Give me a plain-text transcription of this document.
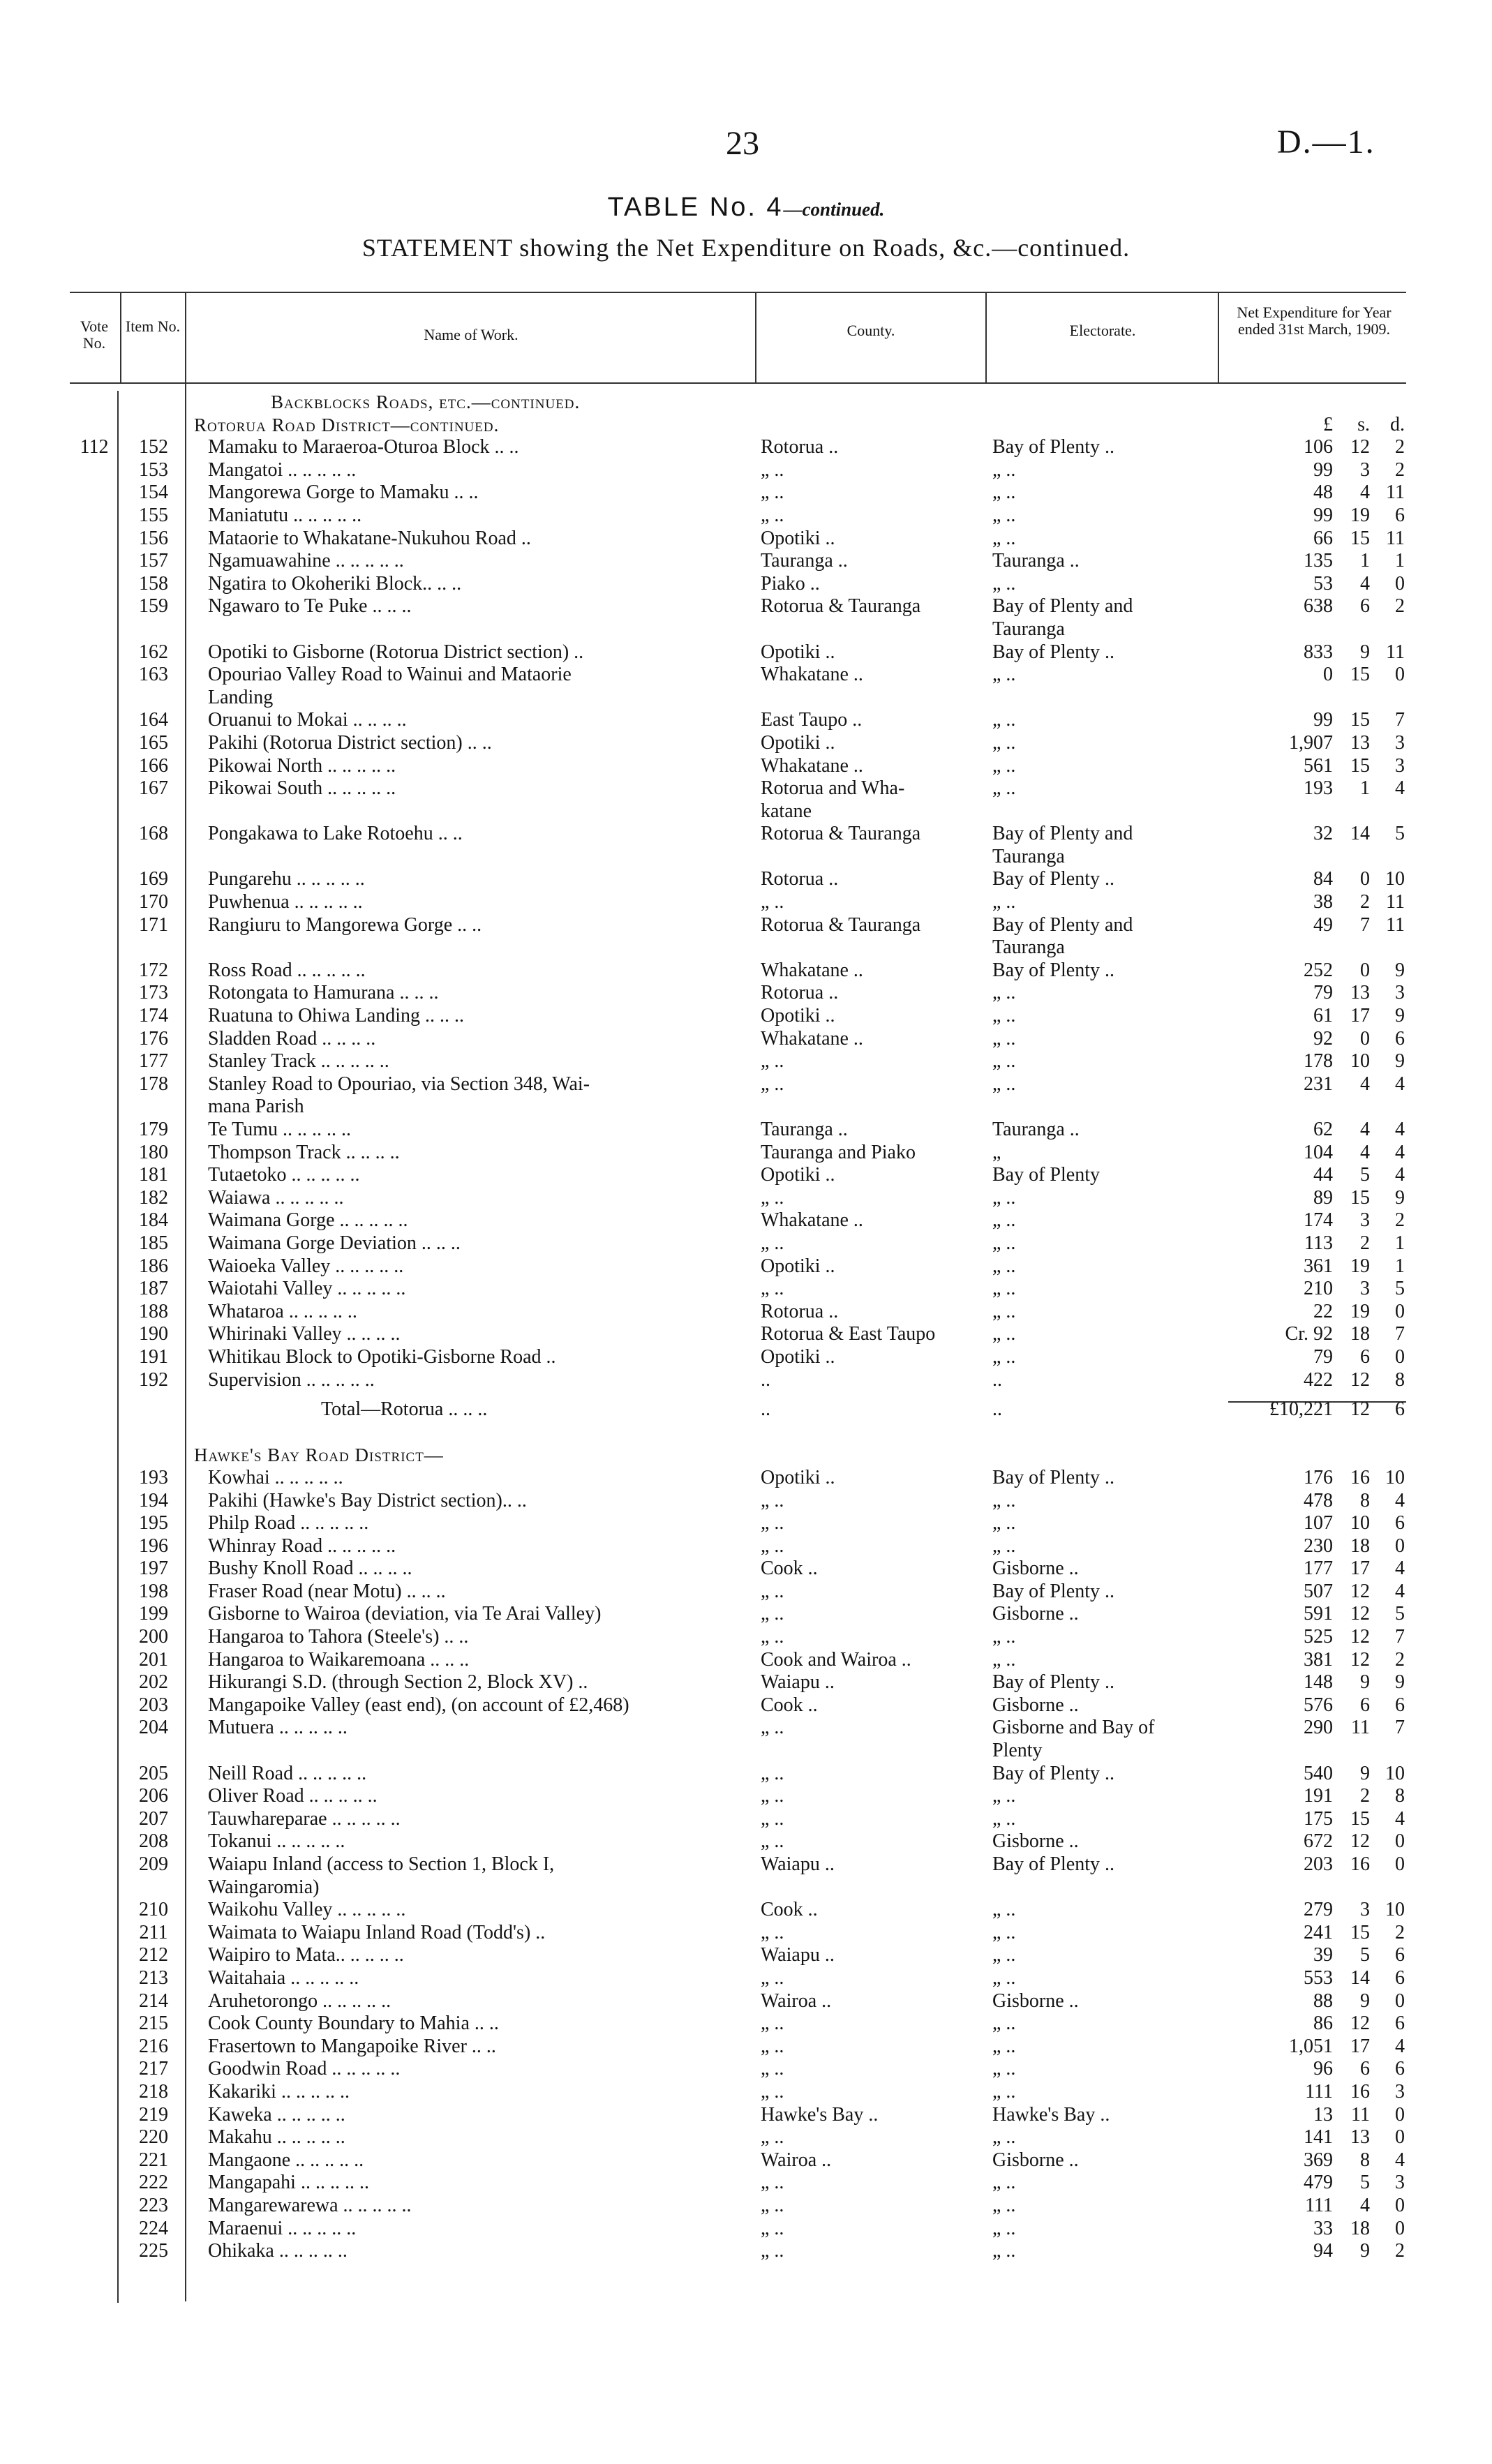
23	D.—1.
TABLE No. 4—continued.
STATEMENT showing the Net Expenditure on Roads, &c.—continued.
Vote No.
Item No.	Name of Work.	County.	Electorate.
Net Expenditure for Year ended 31st March, 1909.
Backblocks Roads, etc.—continued.
Rotorua Road District—continued.	£	s.	d.
112	152	Mamaku to Maraeroa-Oturoa Block .. ..	Rotorua ..	Bay of Plenty ..	106 12	2
153	Mangatoi .. .. .. .. ..	„ ..	„ ..	99	3	2
154	Mangorewa Gorge to Mamaku .. ..	„ ..	„ ..	48	4 11
155	Maniatutu .. .. .. .. ..	„ ..	„ ..	99 19	6
156	Mataorie to Whakatane-Nukuhou Road ..	Opotiki ..	„ ..	66 15 11
157	Ngamuawahine .. .. .. .. ..	Tauranga ..	Tauranga ..	135	1	1
158	Ngatira to Okoheriki Block.. .. ..	Piako ..	„ ..	53	4	0
159	Ngawaro to Te Puke .. .. ..	Rotorua & Tauranga	Bay of Plenty and	638	6	2
Tauranga
162	Opotiki to Gisborne (Rotorua District section) ..	Opotiki ..	Bay of Plenty ..	833	9 11
163	Opouriao Valley Road to Wainui and Mataorie	Whakatane ..	„ ..	0 15	0
Landing
164	Oruanui to Mokai .. .. .. ..	East Taupo ..	„ ..	99 15	7
165	Pakihi (Rotorua District section) .. ..	Opotiki ..	„ ..	1,907 13	3
166	Pikowai North .. .. .. .. ..	Whakatane ..	„ ..	561 15	3
167	Pikowai South .. .. .. .. ..	Rotorua and Wha-	„ ..	193	1	4
katane
168	Pongakawa to Lake Rotoehu .. ..	Rotorua & Tauranga	Bay of Plenty and	32 14	5
Tauranga
169	Pungarehu .. .. .. .. ..	Rotorua ..	Bay of Plenty ..	84	0 10
170	Puwhenua .. .. .. .. ..	„ ..	„ ..	38	2 11
171	Rangiuru to Mangorewa Gorge .. ..	Rotorua & Tauranga	Bay of Plenty and	49	7 11
Tauranga
172	Ross Road .. .. .. .. ..	Whakatane ..	Bay of Plenty ..	252	0	9
173	Rotongata to Hamurana .. .. ..	Rotorua ..	„ ..	79 13	3
174	Ruatuna to Ohiwa Landing .. .. ..	Opotiki ..	„ ..	61 17	9
176	Sladden Road .. .. .. ..	Whakatane ..	„ ..	92	0	6
177	Stanley Track .. .. .. .. ..	„ ..	„ ..	178 10	9
178	Stanley Road to Opouriao, via Section 348, Wai-	„ ..	„ ..	231	4	4
mana Parish
179	Te Tumu .. .. .. .. ..	Tauranga ..	Tauranga ..	62	4	4
180	Thompson Track .. .. .. ..	Tauranga and Piako	„	104	4	4
181	Tutaetoko .. .. .. .. ..	Opotiki ..	Bay of Plenty	44	5	4
182	Waiawa .. .. .. .. ..	„ ..	„ ..	89 15	9
184	Waimana Gorge .. .. .. .. ..	Whakatane ..	„ ..	174	3	2
185	Waimana Gorge Deviation .. .. ..	„ ..	„ ..	113	2	1
186	Waioeka Valley .. .. .. .. ..	Opotiki ..	„ ..	361 19	1
187	Waiotahi Valley .. .. .. .. ..	„ ..	„ ..	210	3	5
188	Whataroa .. .. .. .. ..	Rotorua ..	„ ..	22 19	0
190	Whirinaki Valley .. .. .. ..	Rotorua & East Taupo	„ ..	Cr. 92 18	7
191	Whitikau Block to Opotiki-Gisborne Road ..	Opotiki ..	„ ..	79	6	0
192	Supervision .. .. .. .. ..	..	..	422 12	8
Total—Rotorua .. .. ..	..	..	£10,221 12	6
Hawke's Bay Road District—
193	Kowhai .. .. .. .. ..	Opotiki ..	Bay of Plenty ..	176 16 10
194	Pakihi (Hawke's Bay District section).. ..	„ ..	„ ..	478	8	4
195	Philp Road .. .. .. .. ..	„ ..	„ ..	107 10	6
196	Whinray Road .. .. .. .. ..	„ ..	„ ..	230 18	0
197	Bushy Knoll Road .. .. .. ..	Cook ..	Gisborne ..	177 17	4
198	Fraser Road (near Motu) .. .. ..	„ ..	Bay of Plenty ..	507 12	4
199	Gisborne to Wairoa (deviation, via Te Arai Valley)	„ ..	Gisborne ..	591 12	5
200	Hangaroa to Tahora (Steele's) .. ..	„ ..	„ ..	525 12	7
201	Hangaroa to Waikaremoana .. .. ..	Cook and Wairoa ..	„ ..	381 12	2
202	Hikurangi S.D. (through Section 2, Block XV) ..	Waiapu ..	Bay of Plenty ..	148	9	9
203	Mangapoike Valley (east end), (on account of £2,468)	Cook ..	Gisborne ..	576	6	6
204	Mutuera .. .. .. .. ..	„ ..	Gisborne and Bay of	290 11	7
Plenty
205	Neill Road .. .. .. .. ..	„ ..	Bay of Plenty ..	540	9 10
206	Oliver Road .. .. .. .. ..	„ ..	„ ..	191	2	8
207	Tauwhareparae .. .. .. .. ..	„ ..	„ ..	175 15	4
208	Tokanui .. .. .. .. ..	„ ..	Gisborne ..	672 12	0
209	Waiapu Inland (access to Section 1, Block I,	Waiapu ..	Bay of Plenty ..	203 16	0
Waingaromia)
210	Waikohu Valley .. .. .. .. ..	Cook ..	„ ..	279	3 10
211	Waimata to Waiapu Inland Road (Todd's) ..	„ ..	„ ..	241 15	2
212	Waipiro to Mata.. .. .. .. ..	Waiapu ..	„ ..	39	5	6
213	Waitahaia .. .. .. .. ..	„ ..	„ ..	553 14	6
214	Aruhetorongo .. .. .. .. ..	Wairoa ..	Gisborne ..	88	9	0
215	Cook County Boundary to Mahia .. ..	„ ..	„ ..	86 12	6
216	Frasertown to Mangapoike River .. ..	„ ..	„ ..	1,051 17	4
217	Goodwin Road .. .. .. .. ..	„ ..	„ ..	96	6	6
218	Kakariki .. .. .. .. ..	„ ..	„ ..	111 16	3
219	Kaweka .. .. .. .. ..	Hawke's Bay ..	Hawke's Bay ..	13 11	0
220	Makahu .. .. .. .. ..	„ ..	„ ..	141 13	0
221	Mangaone .. .. .. .. ..	Wairoa ..	Gisborne ..	369	8	4
222	Mangapahi .. .. .. .. ..	„ ..	„ ..	479	5	3
223	Mangarewarewa .. .. .. .. ..	„ ..	„ ..	111	4	0
224	Maraenui .. .. .. .. ..	„ ..	„ ..	33 18	0
225	Ohikaka .. .. .. .. ..	„ ..	„ ..	94	9	2
